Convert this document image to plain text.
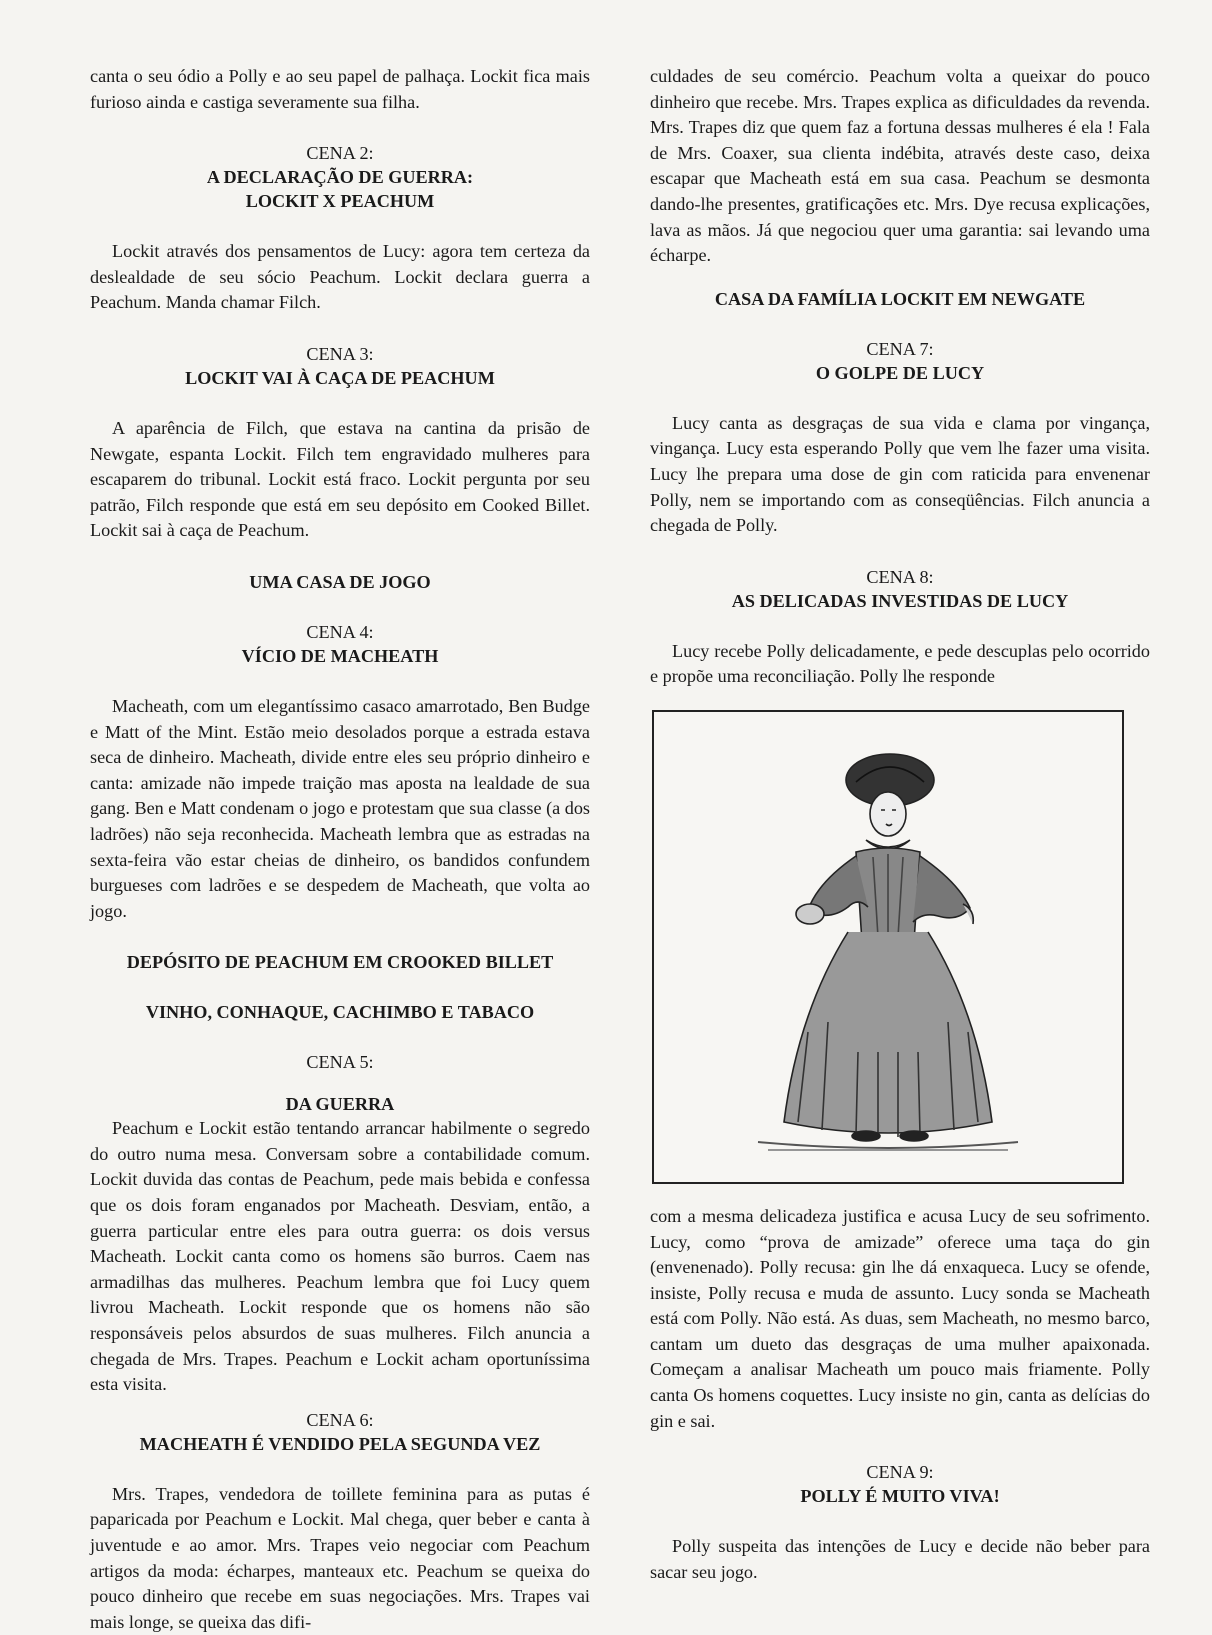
canta o seu ódio a Polly e ao seu papel de palhaça. Lockit fica mais furioso ainda e castiga severamente sua filha.

CENA 2:
A DECLARAÇÃO DE GUERRA:
LOCKIT X PEACHUM

Lockit através dos pensamentos de Lucy: agora tem certeza da deslealdade de seu sócio Peachum. Lockit declara guerra a Peachum. Manda chamar Filch.

CENA 3:
LOCKIT VAI À CAÇA DE PEACHUM

A aparência de Filch, que estava na cantina da prisão de Newgate, espanta Lockit. Filch tem engravidado mulheres para escaparem do tribunal. Lockit está fraco. Lockit pergunta por seu patrão, Filch responde que está em seu depósito em Cooked Billet. Lockit sai à caça de Peachum.

UMA CASA DE JOGO
CENA 4:
VÍCIO DE MACHEATH

Macheath, com um elegantíssimo casaco amarrotado, Ben Budge e Matt of the Mint. Estão meio desolados porque a estrada estava seca de dinheiro. Macheath, divide entre eles seu próprio dinheiro e canta: amizade não impede traição mas aposta na lealdade de sua gang. Ben e Matt condenam o jogo e protestam que sua classe (a dos ladrões) não seja reconhecida. Macheath lembra que as estradas na sexta-feira vão estar cheias de dinheiro, os bandidos confundem burgueses com ladrões e se despedem de Macheath, que volta ao jogo.

DEPÓSITO DE PEACHUM EM CROOKED BILLET
VINHO, CONHAQUE, CACHIMBO E TABACO
CENA 5:
DA GUERRA

Peachum e Lockit estão tentando arrancar habilmente o segredo do outro numa mesa. Conversam sobre a contabilidade comum. Lockit duvida das contas de Peachum, pede mais bebida e confessa que os dois foram enganados por Macheath. Desviam, então, a guerra particular entre eles para outra guerra: os dois versus Macheath. Lockit canta como os homens são burros. Caem nas armadilhas das mulheres. Peachum lembra que foi Lucy quem livrou Macheath. Lockit responde que os homens não são responsáveis pelos absurdos de suas mulheres. Filch anuncia a chegada de Mrs. Trapes. Peachum e Lockit acham oportuníssima esta visita.

CENA 6:
MACHEATH É VENDIDO PELA SEGUNDA VEZ

Mrs. Trapes, vendedora de toillete feminina para as putas é paparicada por Peachum e Lockit. Mal chega, quer beber e canta à juventude e ao amor. Mrs. Trapes veio negociar com Peachum artigos da moda: écharpes, manteaux etc. Peachum se queixa do pouco dinheiro que recebe em suas negociações. Mrs. Trapes vai mais longe, se queixa das difi-

culdades de seu comércio. Peachum volta a queixar do pouco dinheiro que recebe. Mrs. Trapes explica as dificuldades da revenda. Mrs. Trapes diz que quem faz a fortuna dessas mulheres é ela ! Fala de Mrs. Coaxer, sua clienta indébita, através deste caso, deixa escapar que Macheath está em sua casa. Peachum se desmonta dando-lhe presentes, gratificações etc. Mrs. Dye recusa explicações, lava as mãos. Já que negociou quer uma garantia: sai levando uma écharpe.

CASA DA FAMÍLIA LOCKIT EM NEWGATE
CENA 7:
O GOLPE DE LUCY

Lucy canta as desgraças de sua vida e clama por vingança, vingança. Lucy esta esperando Polly que vem lhe fazer uma visita. Lucy lhe prepara uma dose de gin com raticida para envenenar Polly, nem se importando com as conseqüências. Filch anuncia a chegada de Polly.

CENA 8:
AS DELICADAS INVESTIDAS DE LUCY

Lucy recebe Polly delicadamente, e pede descuplas pelo ocorrido e propõe uma reconciliação. Polly lhe responde

com a mesma delicadeza justifica e acusa Lucy de seu sofrimento. Lucy, como “prova de amizade” oferece uma taça do gin (envenenado). Polly recusa: gin lhe dá enxaqueca. Lucy se ofende, insiste, Polly recusa e muda de assunto. Lucy sonda se Macheath está com Polly. Não está. As duas, sem Macheath, no mesmo barco, cantam um dueto das desgraças de uma mulher apaixonada. Começam a analisar Macheath um pouco mais friamente. Polly canta Os homens coquettes. Lucy insiste no gin, canta as delícias do gin e sai.

CENA 9:
POLLY É MUITO VIVA!

Polly suspeita das intenções de Lucy e decide não beber para sacar seu jogo.
